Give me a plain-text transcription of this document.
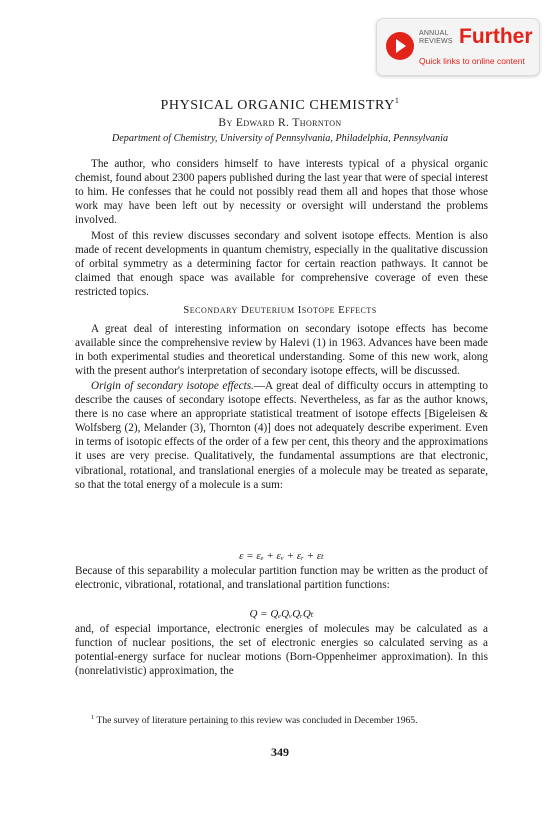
ANNUAL
REVIEWS Further
Quick links to online content
PHYSICAL ORGANIC CHEMISTRY$^1$
By Edward R. Thornton
Department of Chemistry, University of Pennsylvania, Philadelphia, Pennsylvania

The author, who considers himself to have interests typical of a physical organic chemist, found about 2300 papers published during the last year that were of special interest to him. He confesses that he could not possibly read them all and hopes that those whose work may have been left out by necessity or oversight will understand the problems involved.

Most of this review discusses secondary and solvent isotope effects. Mention is also made of recent developments in quantum chemistry, especially in the qualitative discussion of orbital symmetry as a determining factor for certain reaction pathways. It cannot be claimed that enough space was available for comprehensive coverage of even these restricted topics.

Secondary Deuterium Isotope Effects

A great deal of interesting information on secondary isotope effects has become available since the comprehensive review by Halevi (1) in 1963. Advances have been made in both experimental studies and theoretical understanding. Some of this new work, along with the present author's interpretation of secondary isotope effects, will be discussed.

Origin of secondary isotope effects.—A great deal of difficulty occurs in attempting to describe the causes of secondary isotope effects. Nevertheless, as far as the author knows, there is no case where an appropriate statistical treatment of isotope effects [Bigeleisen & Wolfsberg (2), Melander (3), Thornton (4)] does not adequately describe experiment. Even in terms of isotopic effects of the order of a few per cent, this theory and the approximations it uses are very precise. Qualitatively, the fundamental assumptions are that electronic, vibrational, rotational, and translational energies of a molecule may be treated as separate, so that the total energy of a molecule is a sum:

ε = εₑ + εᵥ + εᵣ + εₜ

Because of this separability a molecular partition function may be written as the product of electronic, vibrational, rotational, and translational partition functions:

Q = QₑQᵥQᵣQₜ

and, of especial importance, electronic energies of molecules may be calculated as a function of nuclear positions, the set of electronic energies so calculated serving as a potential-energy surface for nuclear motions (Born-Oppenheimer approximation). In this (nonrelativistic) approximation, the

$^1$ The survey of literature pertaining to this review was concluded in December 1965.
349
